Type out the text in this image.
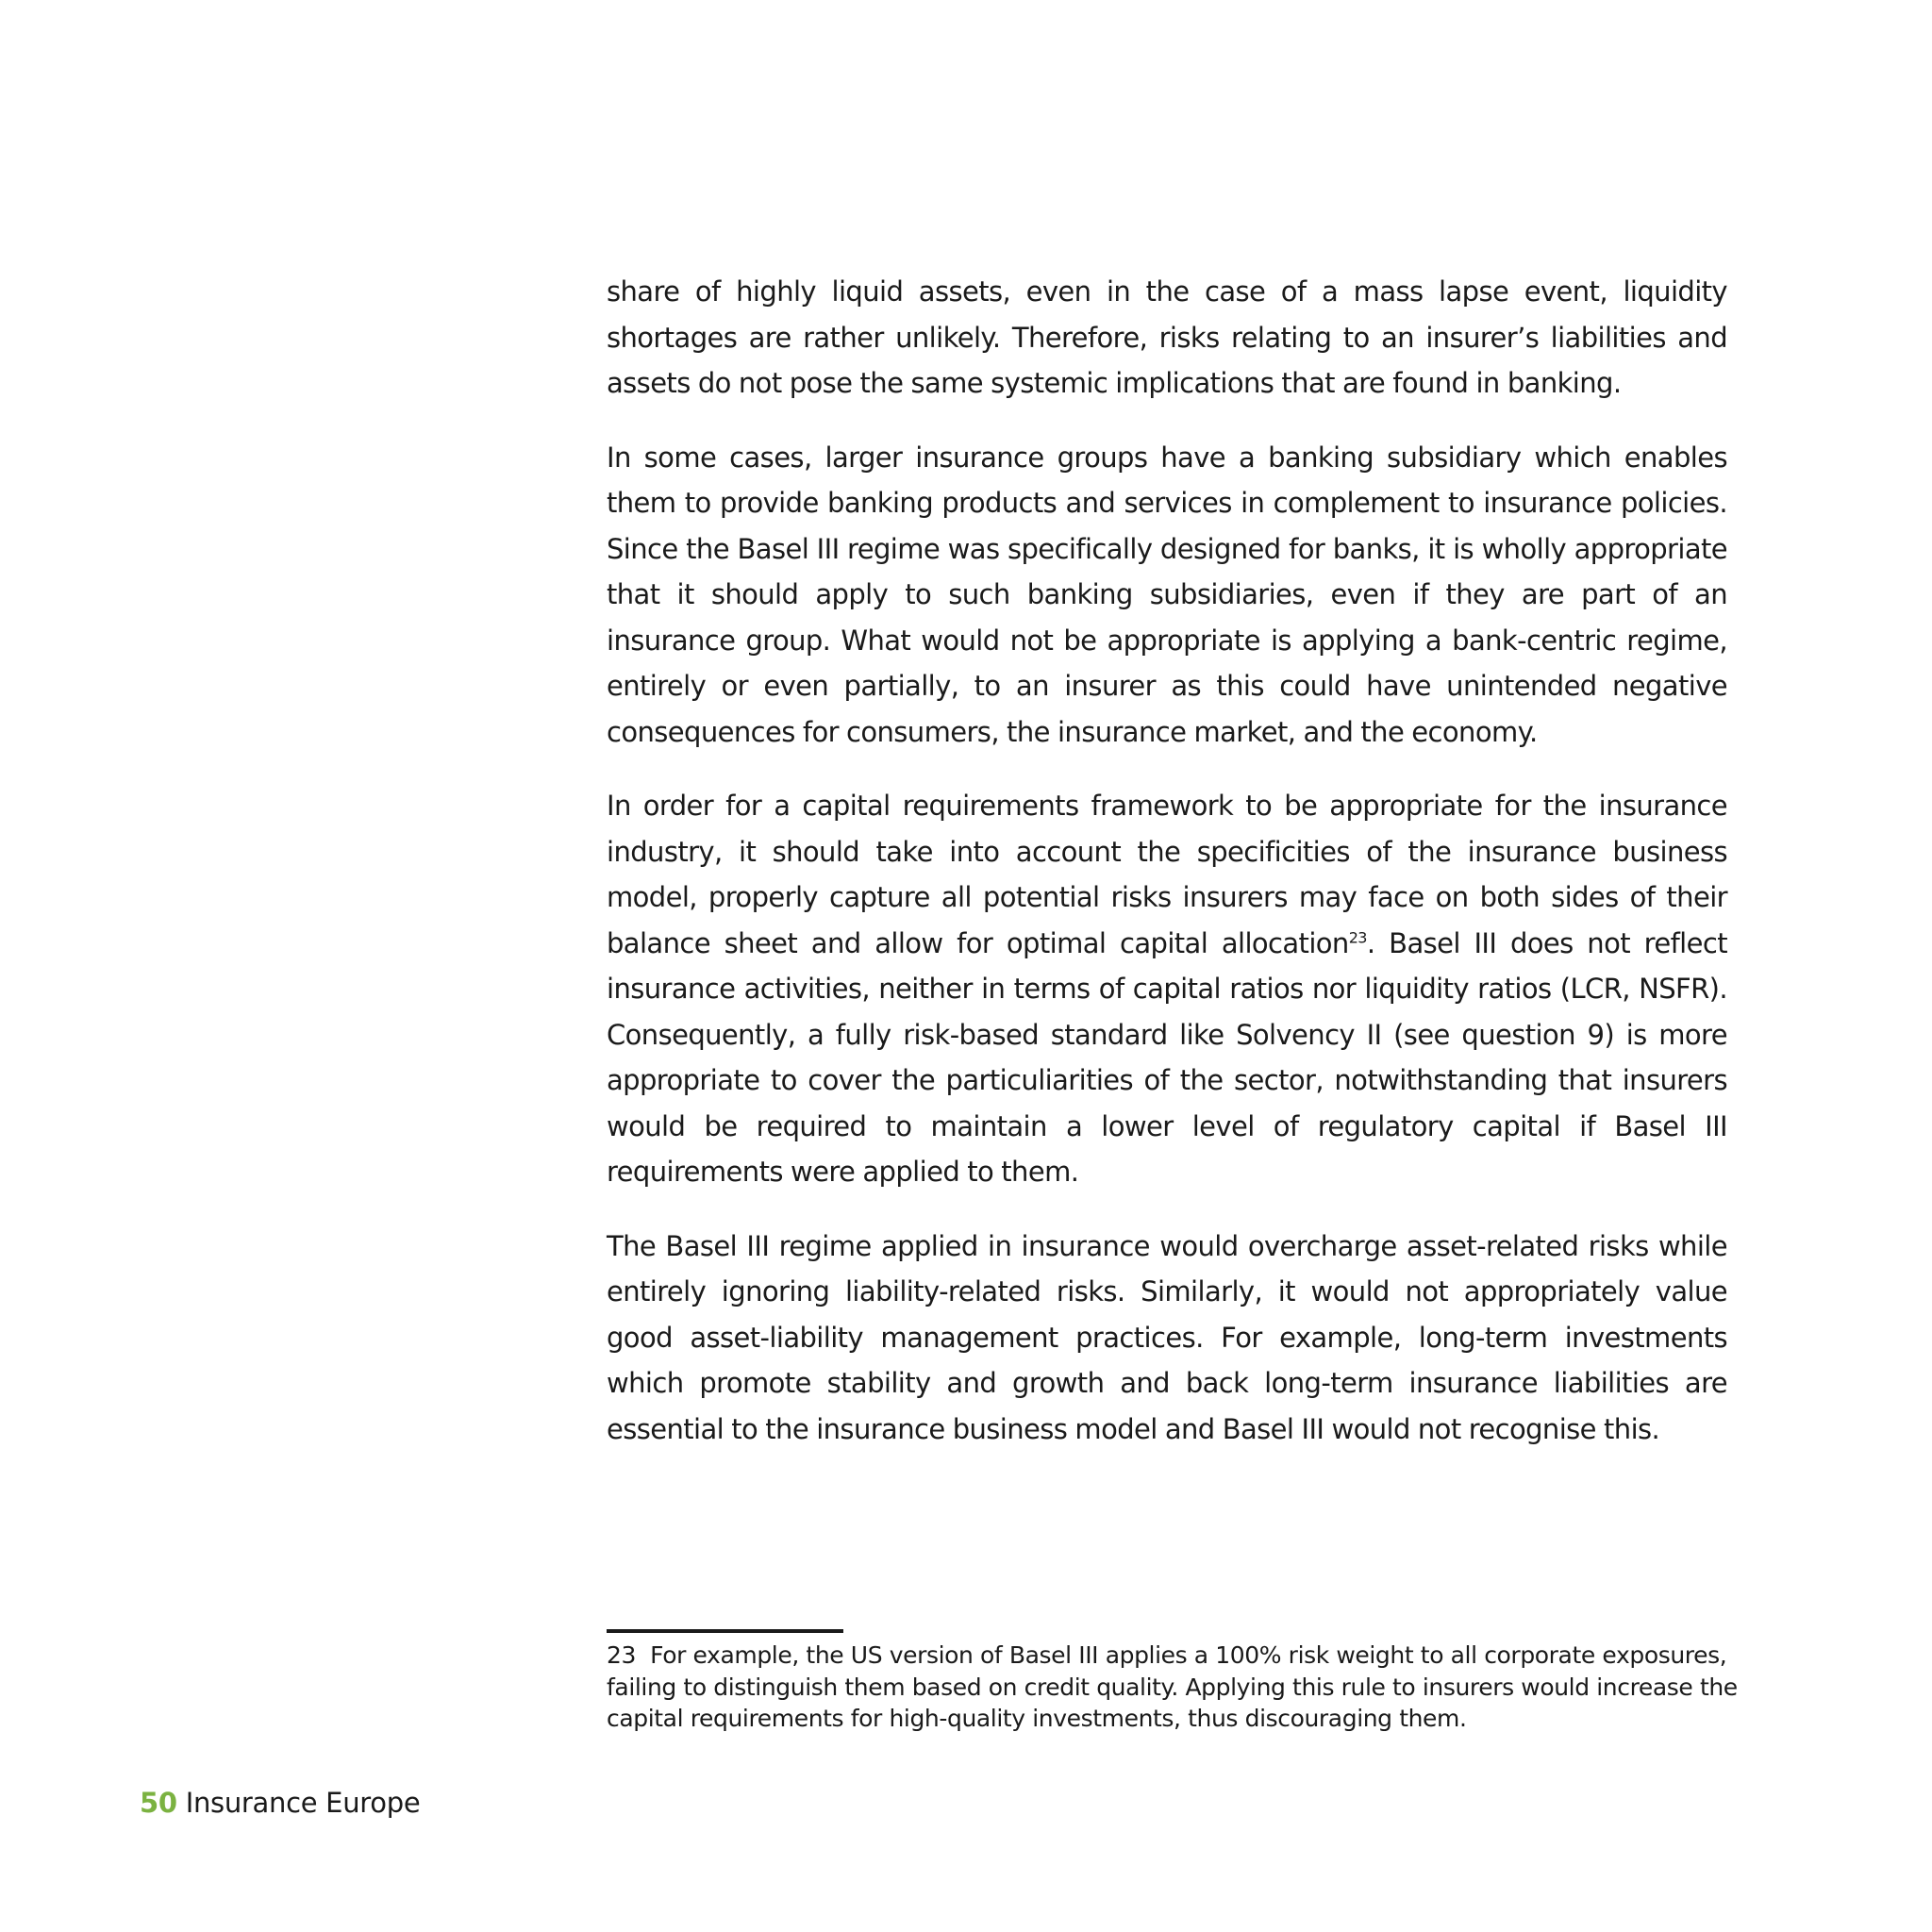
share of highly liquid assets, even in the case of a mass lapse event, liquidity shortages are rather unlikely. Therefore, risks relating to an insurer’s liabilities and assets do not pose the same systemic implications that are found in banking.

In some cases, larger insurance groups have a banking subsidiary which enables them to provide banking products and services in complement to insurance policies. Since the Basel III regime was specifically designed for banks, it is wholly appropriate that it should apply to such banking subsidiaries, even if they are part of an insurance group. What would not be appropriate is applying a bank-centric regime, entirely or even partially, to an insurer as this could have unintended negative consequences for consumers, the insurance market, and the economy.

In order for a capital requirements framework to be appropriate for the insurance industry, it should take into account the specificities of the insurance business model, properly capture all potential risks insurers may face on both sides of their balance sheet and allow for optimal capital allocation$^{23}$. Basel III does not reflect insurance activities, neither in terms of capital ratios nor liquidity ratios (LCR, NSFR). Consequently, a fully risk-based standard like Solvency II (see question 9) is more appropriate to cover the particuliarities of the sector, notwithstanding that insurers would be required to maintain a lower level of regulatory capital if Basel III requirements were applied to them.

The Basel III regime applied in insurance would overcharge asset-related risks while entirely ignoring liability-related risks. Similarly, it would not appropriately value good asset-liability management practices. For example, long-term investments which promote stability and growth and back long-term insurance liabilities are essential to the insurance business model and Basel III would not recognise this.

23 For example, the US version of Basel III applies a 100% risk weight to all corporate exposures, failing to distinguish them based on credit quality. Applying this rule to insurers would increase the capital requirements for high-quality investments, thus discouraging them.
50 Insurance Europe
